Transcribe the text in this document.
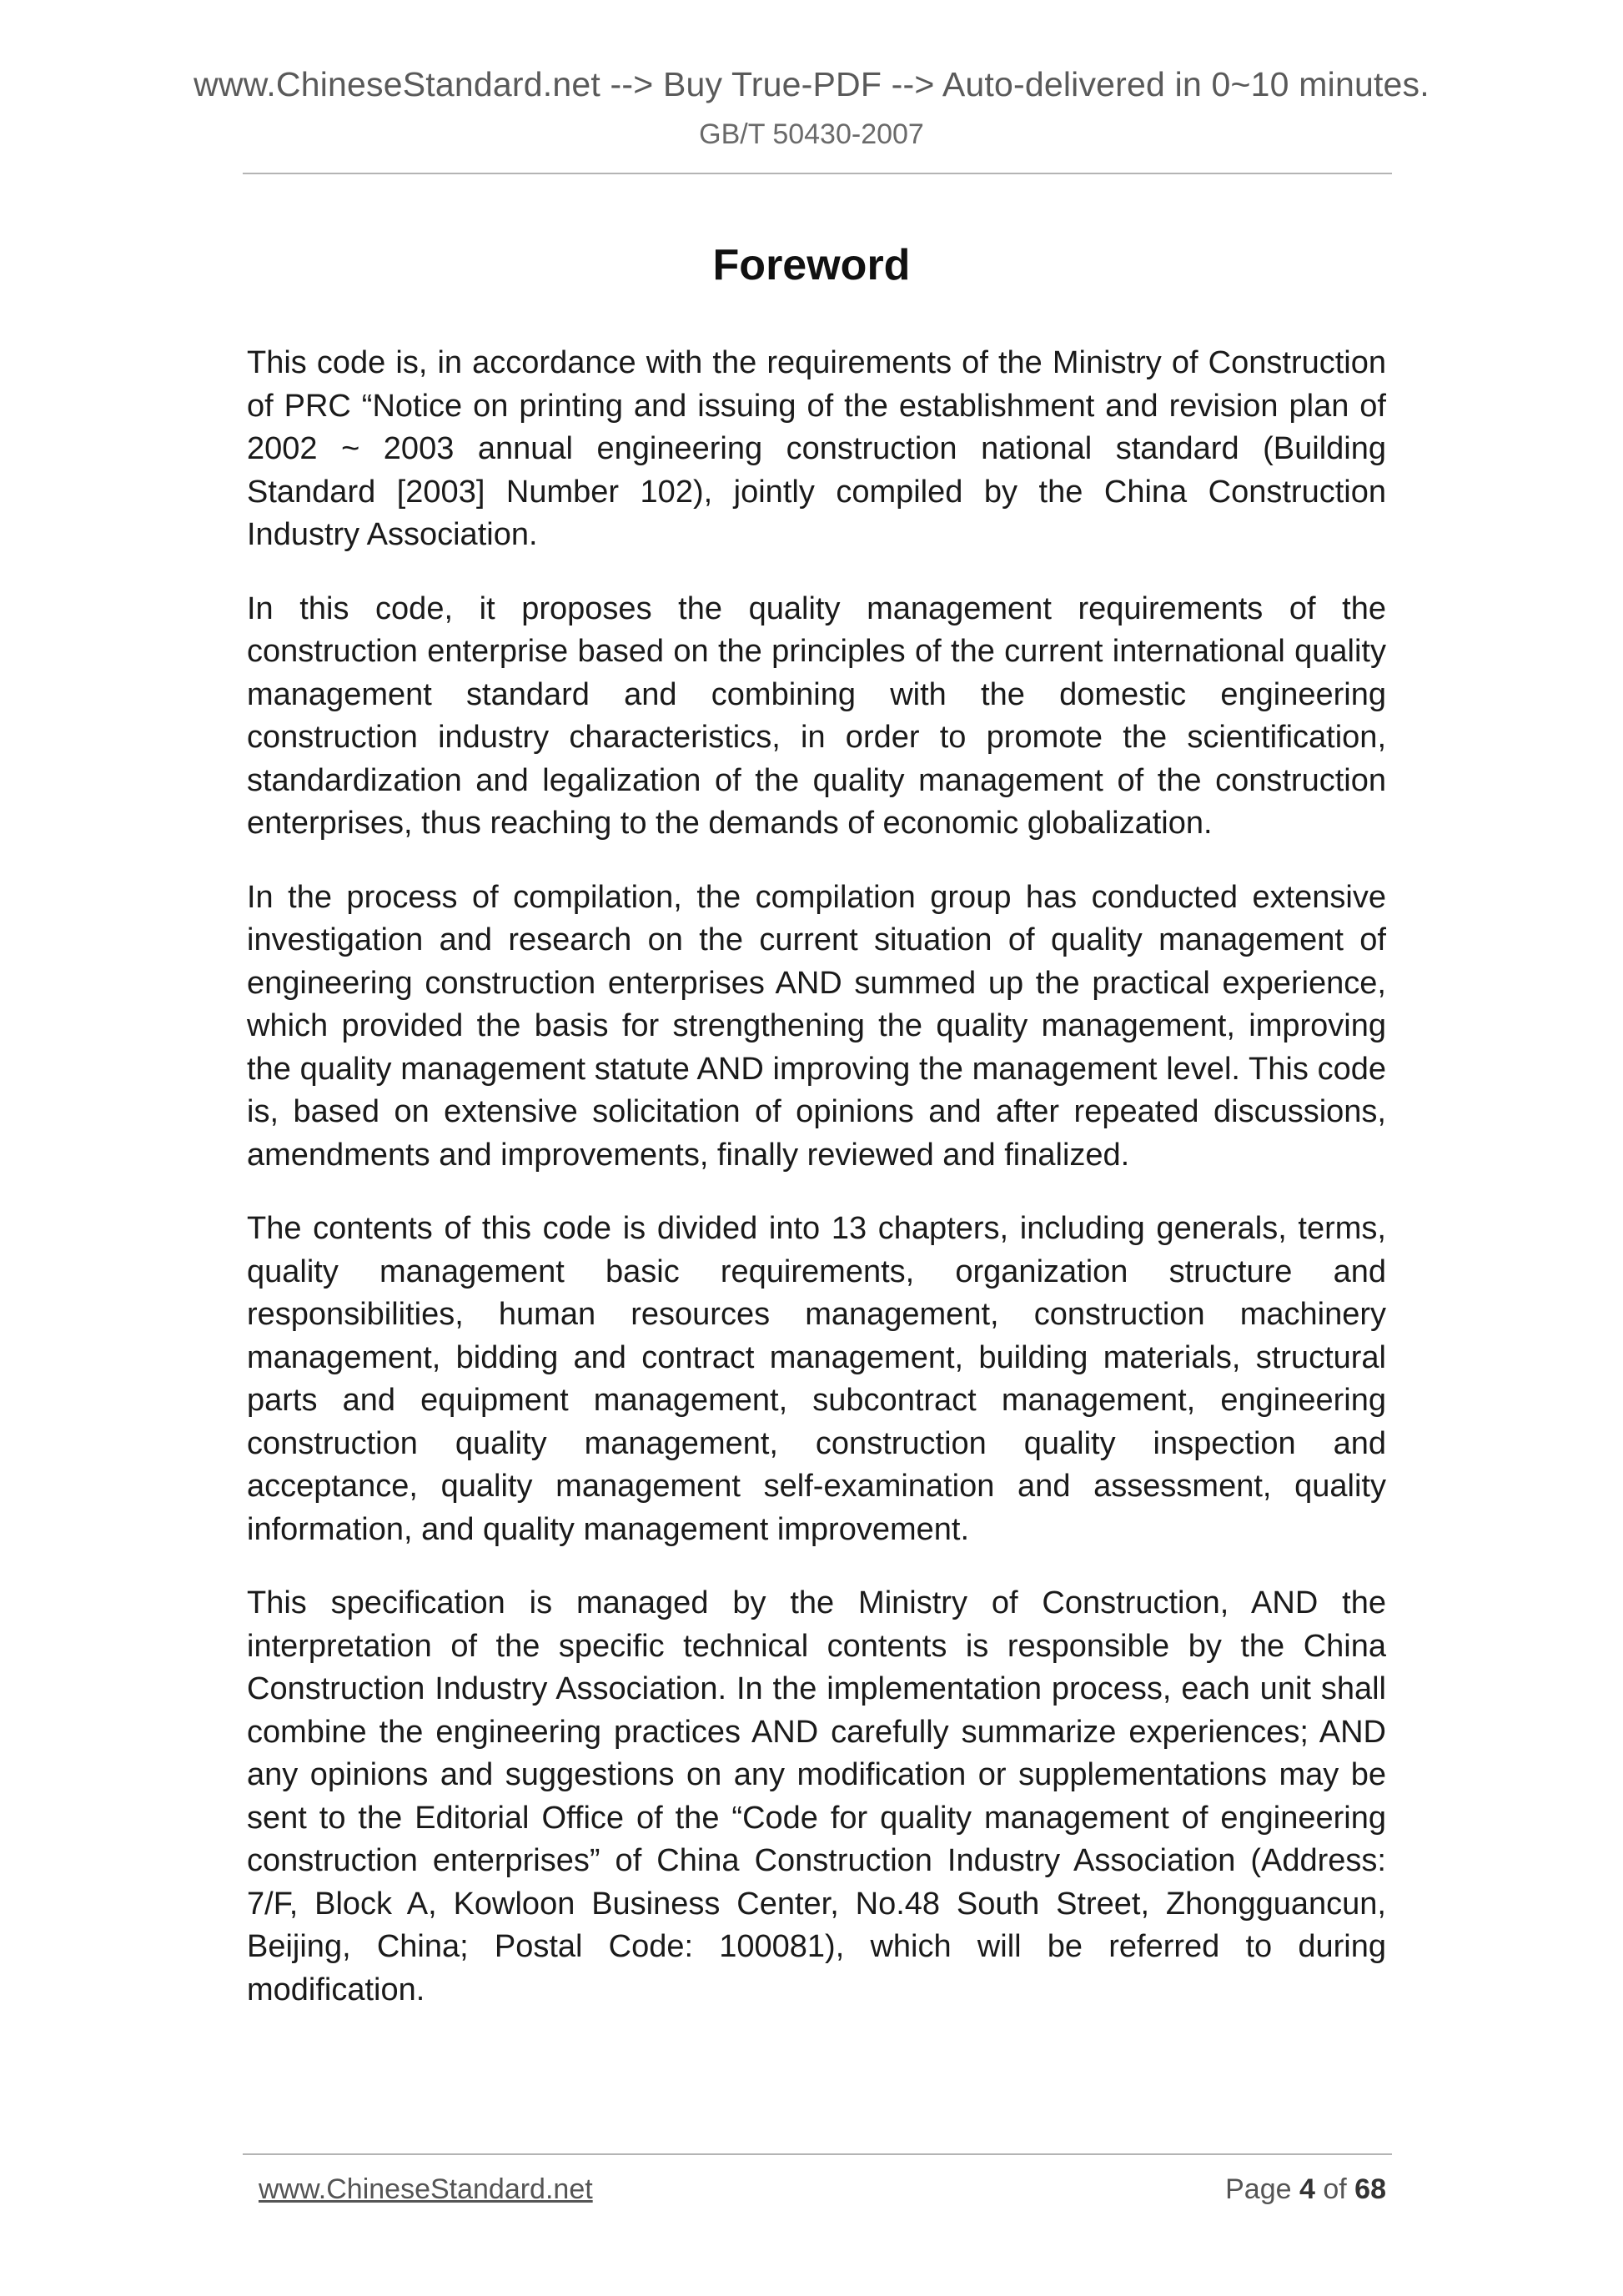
www.ChineseStandard.net --> Buy True-PDF --> Auto-delivered in 0~10 minutes.
GB/T 50430-2007
Foreword

This code is, in accordance with the requirements of the Ministry of Construction of PRC “Notice on printing and issuing of the establishment and revision plan of 2002 ~ 2003 annual engineering construction national standard (Building Standard [2003] Number 102), jointly compiled by the China Construction Industry Association.

In this code, it proposes the quality management requirements of the construction enterprise based on the principles of the current international quality management standard and combining with the domestic engineering construction industry characteristics, in order to promote the scientification, standardization and legalization of the quality management of the construction enterprises, thus reaching to the demands of economic globalization.

In the process of compilation, the compilation group has conducted extensive investigation and research on the current situation of quality management of engineering construction enterprises AND summed up the practical experience, which provided the basis for strengthening the quality management, improving the quality management statute AND improving the management level. This code is, based on extensive solicitation of opinions and after repeated discussions, amendments and improvements, finally reviewed and finalized.

The contents of this code is divided into 13 chapters, including generals, terms, quality management basic requirements, organization structure and responsibilities, human resources management, construction machinery management, bidding and contract management, building materials, structural parts and equipment management, subcontract management, engineering construction quality management, construction quality inspection and acceptance, quality management self-examination and assessment, quality information, and quality management improvement.

This specification is managed by the Ministry of Construction, AND the interpretation of the specific technical contents is responsible by the China Construction Industry Association. In the implementation process, each unit shall combine the engineering practices AND carefully summarize experiences; AND any opinions and suggestions on any modification or supplementations may be sent to the Editorial Office of the “Code for quality management of engineering construction enterprises” of China Construction Industry Association (Address: 7/F, Block A, Kowloon Business Center, No.48 South Street, Zhongguancun, Beijing, China; Postal Code: 100081), which will be referred to during modification.

www.ChineseStandard.net	Page 4 of 68
